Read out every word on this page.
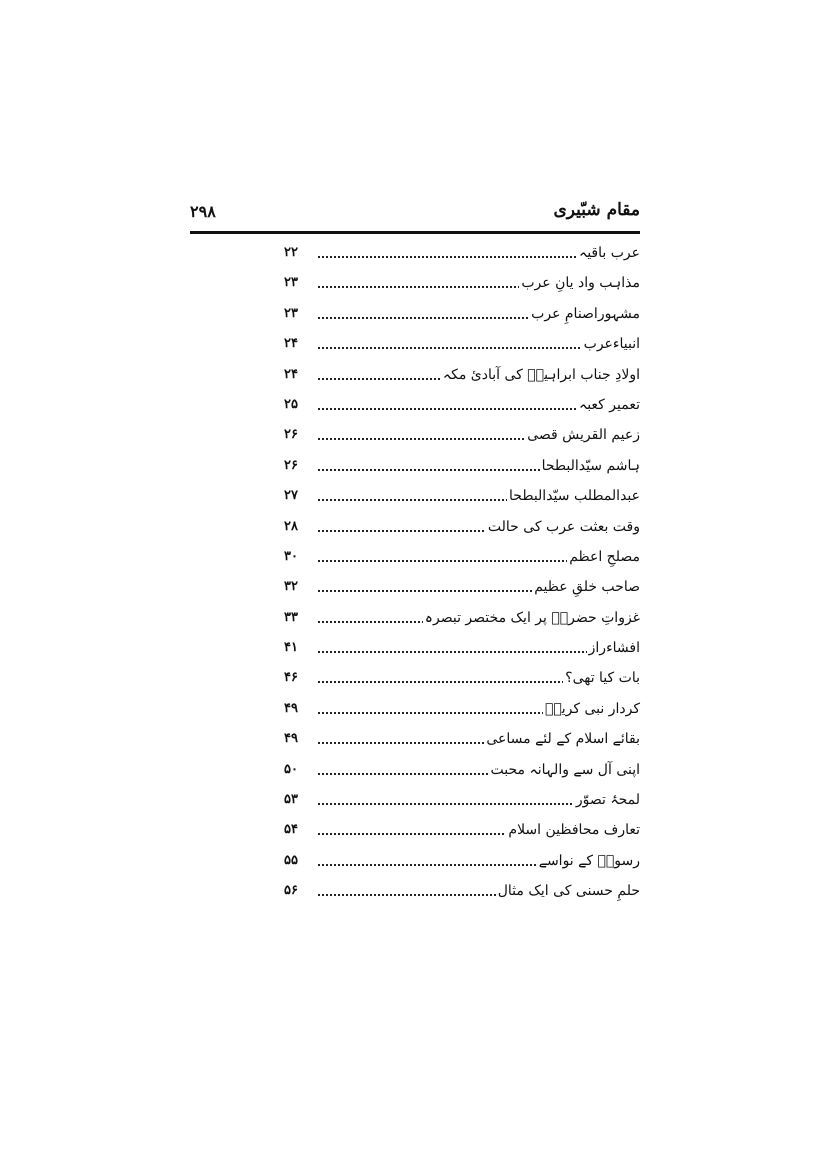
مقام شبّیری
۲۹۸
عرب باقیہ
۲۲
مذاہب واد یانِ عرب
۲۳
مشہوراصنامِ عرب
۲۳
انبیاءعرب
۲۴
اولادِ جناب ابراہیمؑ کی آبادئ مکہ
۲۴
تعمیر کعبہ
۲۵
زعیم القریش قصی
۲۶
ہاشم سیّدالبطحا
۲۶
عبدالمطلب سیّدالبطحا
۲۷
وقت بعثت عرب کی حالت
۲۸
مصلحِ اعظم
۳۰
صاحب خلقِ عظیم
۳۲
غزواتِ حضرتؐ پر ایک مختصر تبصرہ
۳۳
افشاءراز
۴۱
بات کیا تھی؟
۴۶
کردار نبی کریمؐ
۴۹
بقائے اسلام کے لئے مساعی
۴۹
اپنی آل سے والہانہ محبت
۵۰
لمحۂ تصوّر
۵۳
تعارف محافظین اسلام
۵۴
رسولؐ کے نواسے
۵۵
حلمِ حسنی کی ایک مثال
۵۶
